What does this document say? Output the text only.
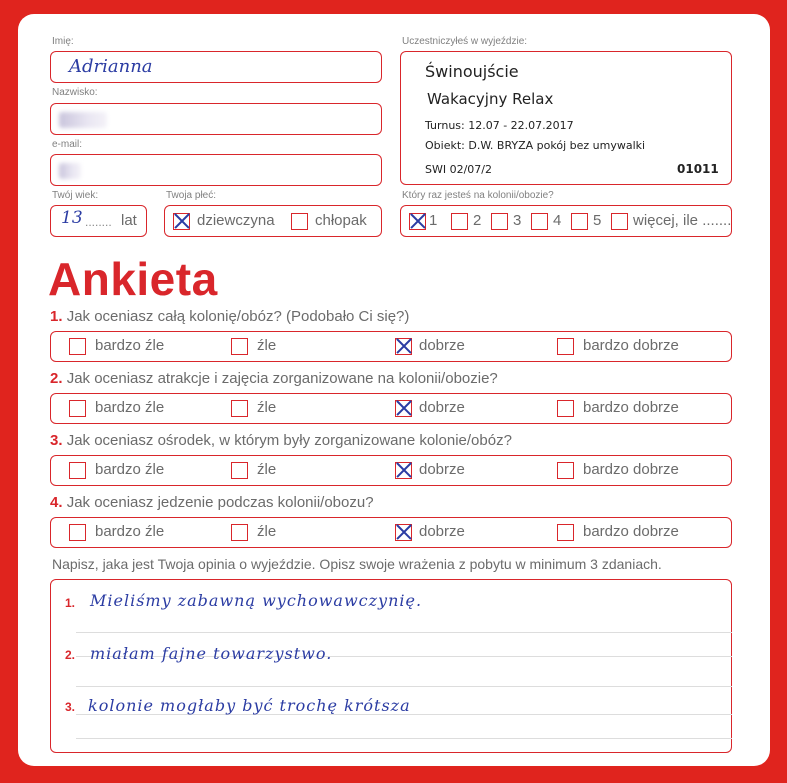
Imię:
Adrianna
Nazwisko:
e-mail:
Twój wiek:
13 ........ lat
Twoja płeć:
dziewczyna	chłopak
Uczestniczyłeś w wyjeździe:
Świnoujście
Wakacyjny Relax
Turnus: 12.07 - 22.07.2017
Obiekt: D.W. BRYZA pokój bez umywalki
SWI 02/07/2	01011
Który raz jesteś na kolonii/obozie?
1 2 3 4 5 więcej, ile .......
Ankieta
1. Jak oceniasz całą kolonię/obóz? (Podobało Ci się?)
bardzo źle	źle	dobrze	bardzo dobrze
2. Jak oceniasz atrakcje i zajęcia zorganizowane na kolonii/obozie?
bardzo źle	źle	dobrze	bardzo dobrze
3. Jak oceniasz ośrodek, w którym były zorganizowane kolonie/obóz?
bardzo źle	źle	dobrze	bardzo dobrze
4. Jak oceniasz jedzenie podczas kolonii/obozu?
bardzo źle	źle	dobrze	bardzo dobrze
Napisz, jaka jest Twoja opinia o wyjeździe. Opisz swoje wrażenia z pobytu w minimum 3 zdaniach.
1. Mieliśmy zabawną wychowawczynię.
2. miałam fajne towarzystwo.
3. kolonie mogłaby być trochę krótsza
